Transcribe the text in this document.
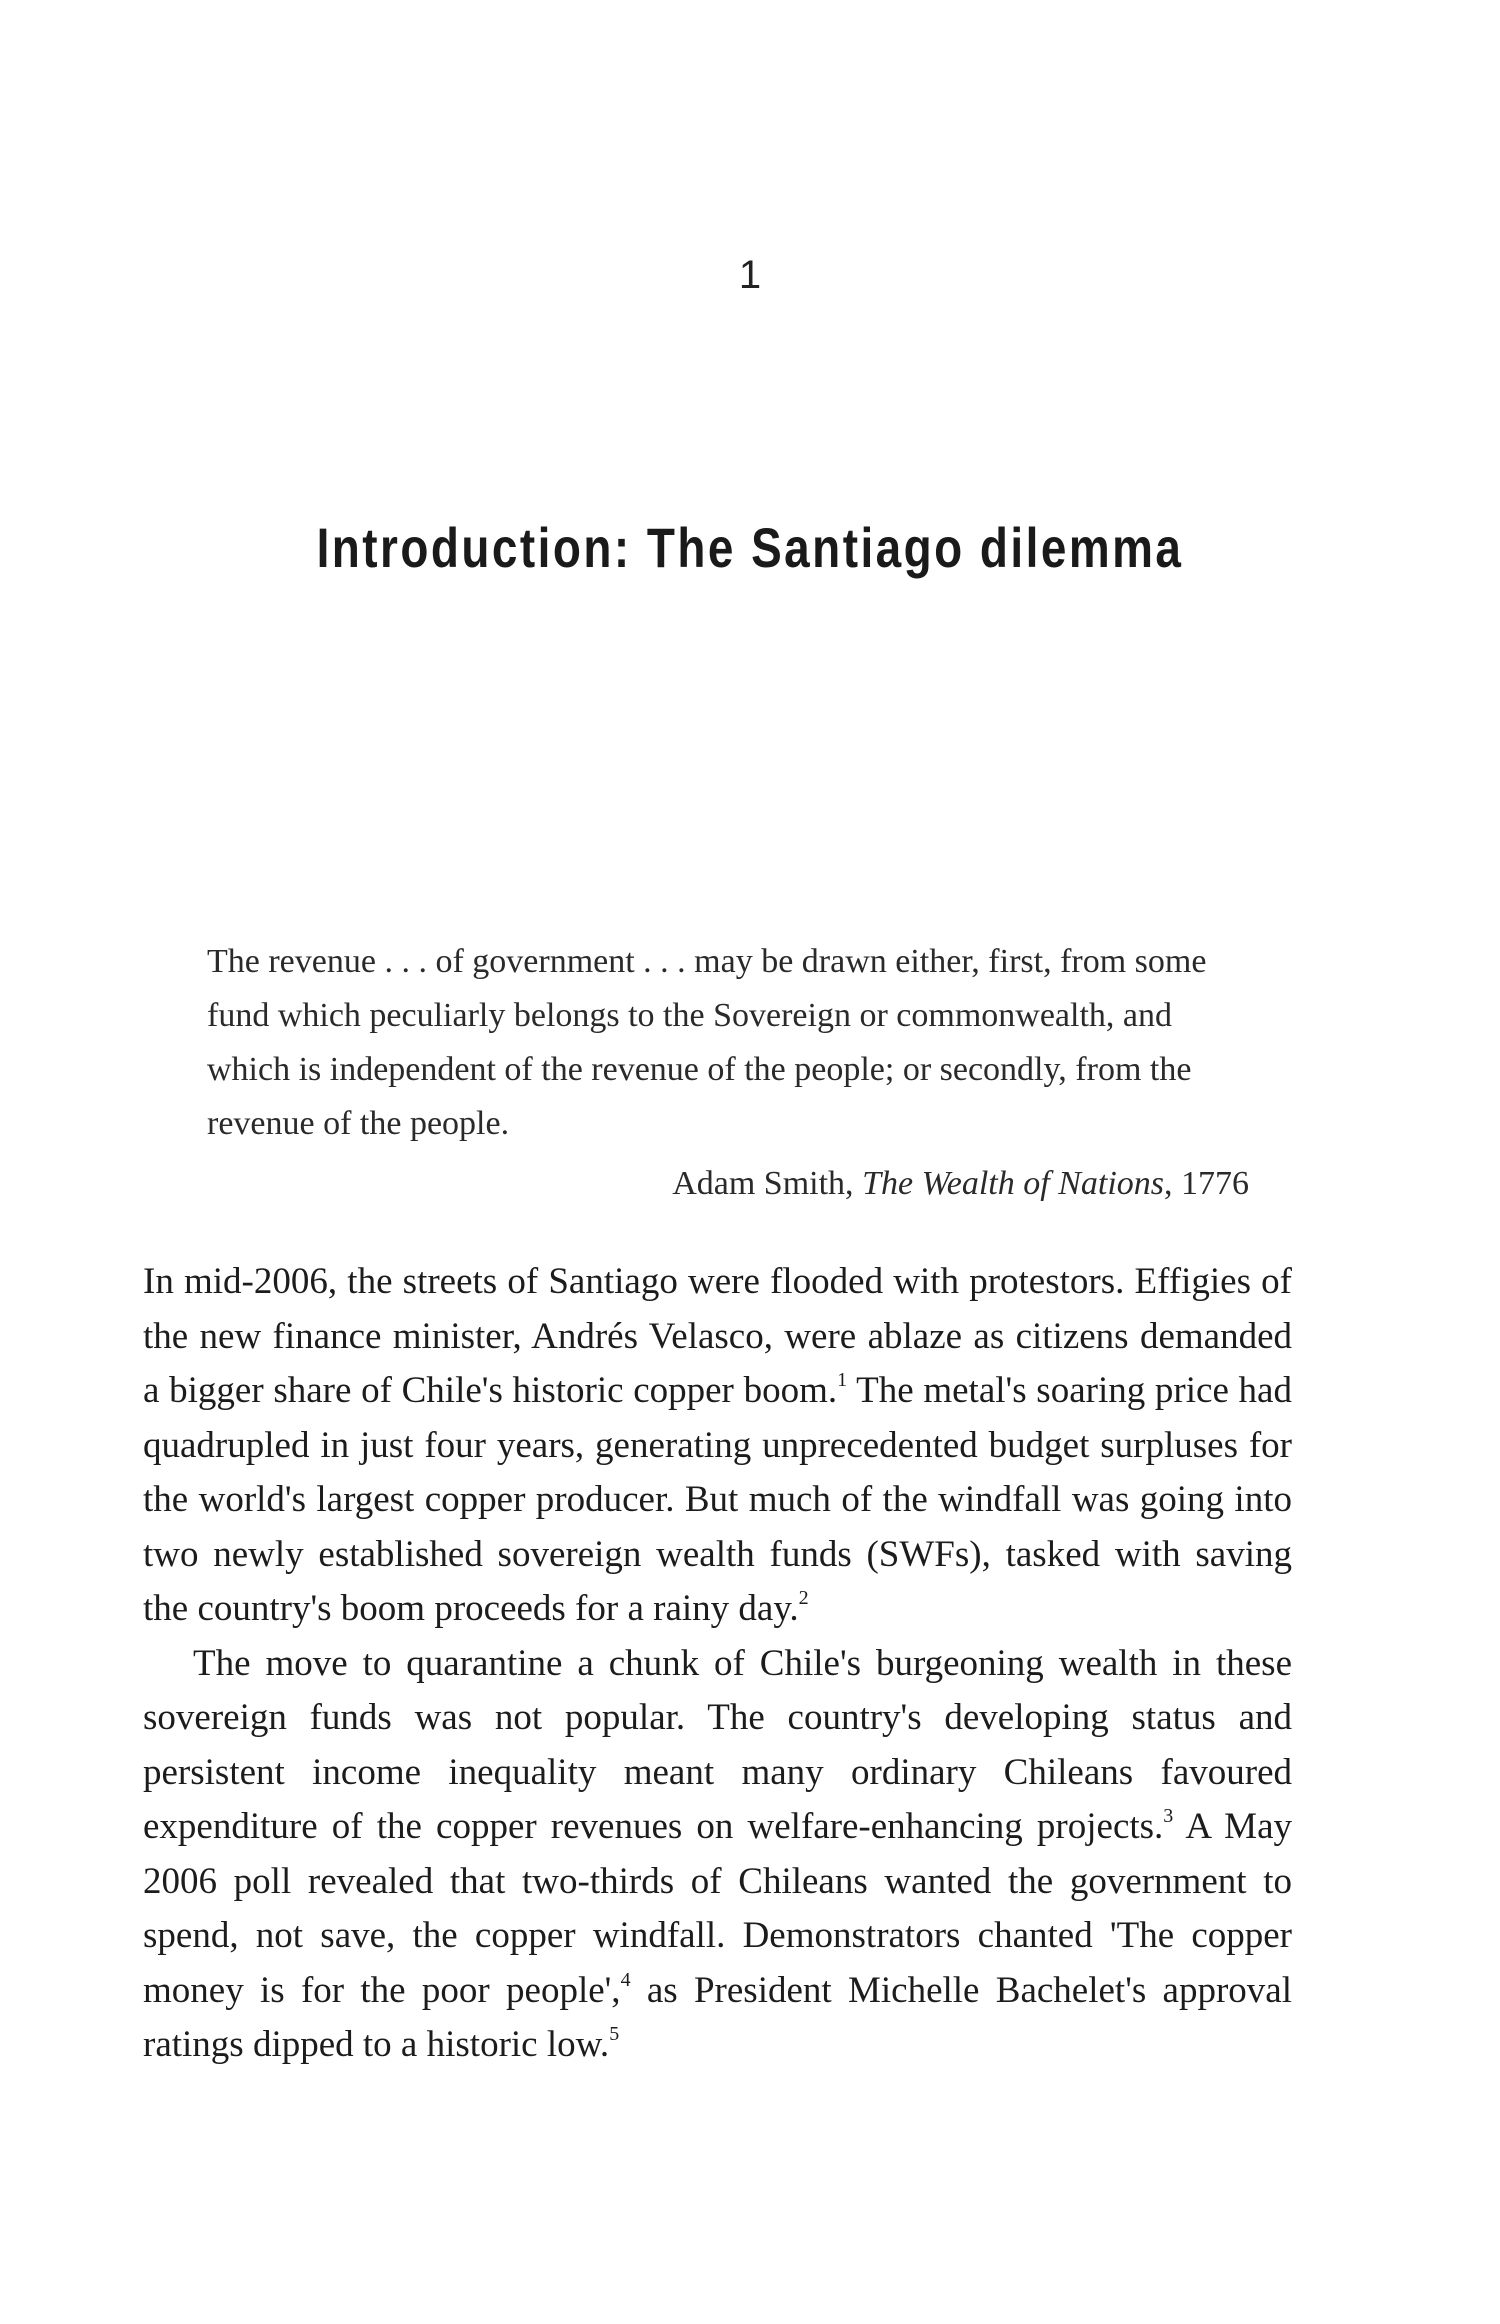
1
Introduction: The Santiago dilemma

The revenue . . . of government . . . may be drawn either, first, from some fund which peculiarly belongs to the Sovereign or commonwealth, and which is independent of the revenue of the people; or secondly, from the revenue of the people.

Adam Smith, The Wealth of Nations, 1776

In mid-2006, the streets of Santiago were flooded with protestors. Effigies of the new finance minister, Andrés Velasco, were ablaze as citizens demanded a bigger share of Chile's historic copper boom.$^1$ The metal's soaring price had quadrupled in just four years, generating unprecedented budget surpluses for the world's largest copper producer. But much of the windfall was going into two newly established sovereign wealth funds (SWFs), tasked with saving the country's boom proceeds for a rainy day.$^2$

The move to quarantine a chunk of Chile's burgeoning wealth in these sovereign funds was not popular. The country's developing status and persistent income inequality meant many ordinary Chileans favoured expenditure of the copper revenues on welfare-enhancing projects.$^3$ A May 2006 poll revealed that two-thirds of Chileans wanted the government to spend, not save, the copper windfall. Demonstrators chanted 'The copper money is for the poor people',$^4$ as President Michelle Bachelet's approval ratings dipped to a historic low.$^5$
